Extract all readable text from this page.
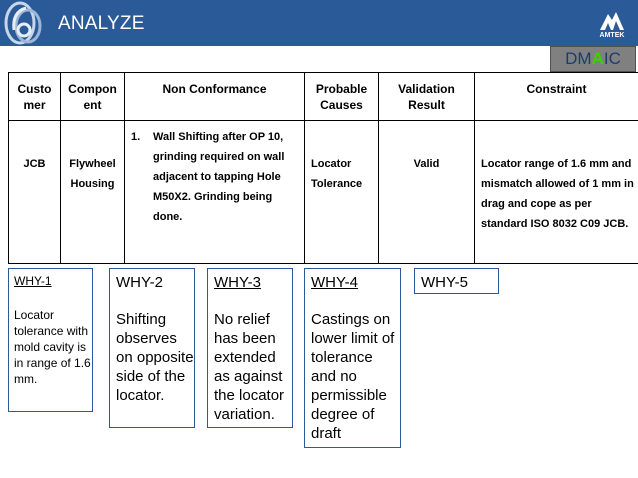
ANALYZE
AMTEK
DMAIC
Custo mer	Compon ent	Non Conformance	Probable Causes	Validation Result	Constraint
JCB	Flywheel Housing	1. Wall Shifting after OP 10, grinding required on wall adjacent to tapping Hole M50X2. Grinding being done.	Locator Tolerance	Valid	Locator range of 1.6 mm and mismatch allowed of 1 mm in drag and cope as per standard ISO 8032 C09 JCB.
WHY-1
Locator tolerance with mold cavity is in range of 1.6 mm.
WHY-2
Shifting observes on opposite side of the locator.
WHY-3
No relief has been extended as against the locator variation.
WHY-4
Castings on lower limit of tolerance and no permissible degree of draft
WHY-5
